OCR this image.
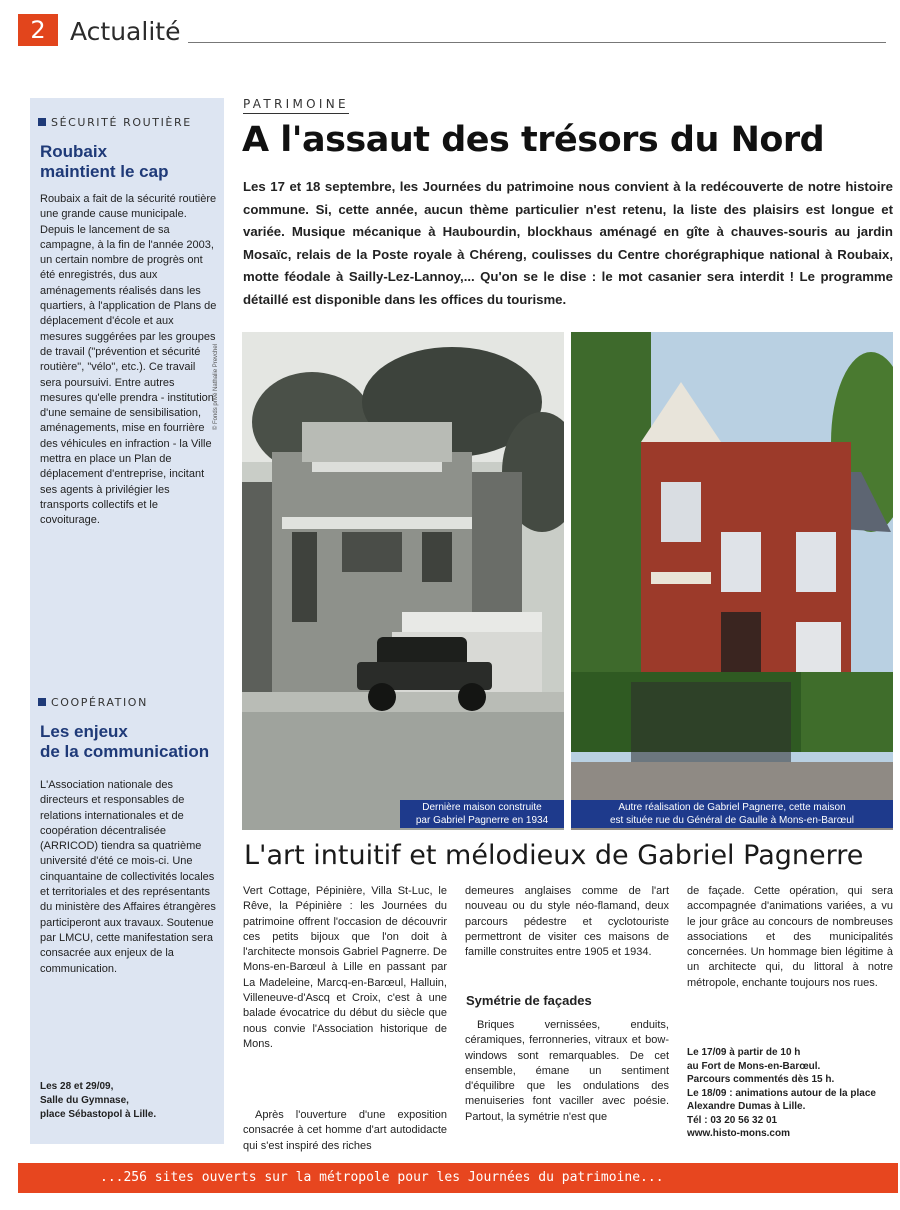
2 Actualité
SÉCURITÉ ROUTIÈRE
Roubaix
maintient le cap
Roubaix a fait de la sécurité routière une grande cause municipale. Depuis le lancement de sa campagne, à la fin de l'année 2003, un certain nombre de progrès ont été enregistrés, dus aux aménagements réalisés dans les quartiers, à l'application de Plans de déplacement d'école et aux mesures suggérées par les groupes de travail ("prévention et sécurité routière", "vélo", etc.). Ce travail sera poursuivi. Entre autres mesures qu'elle prendra - institution d'une semaine de sensibilisation, aménagements, mise en fourrière des véhicules en infraction - la Ville mettra en place un Plan de déplacement d'entreprise, incitant ses agents à privilégier les transports collectifs et le covoiturage.
COOPÉRATION
Les enjeux
de la communication
L'Association nationale des directeurs et responsables de relations internationales et de coopération décentralisée (ARRICOD) tiendra sa quatrième université d'été ce mois-ci. Une cinquantaine de collectivités locales et territoriales et des représentants du ministère des Affaires étrangères participeront aux travaux. Soutenue par LMCU, cette manifestation sera consacrée aux enjeux de la communication.
Les 28 et 29/09,
Salle du Gymnase,
place Sébastopol à Lille.
PATRIMOINE
A l'assaut des trésors du Nord
Les 17 et 18 septembre, les Journées du patrimoine nous convient à la redécouverte de notre histoire commune. Si, cette année, aucun thème particulier n'est retenu, la liste des plaisirs est longue et variée. Musique mécanique à Haubourdin, blockhaus aménagé en gîte à chauves-souris au jardin Mosaïc, relais de la Poste royale à Chéreng, coulisses du Centre chorégraphique national à Roubaix, motte féodale à Sailly-Lez-Lannoy,... Qu'on se le dise : le mot casanier sera interdit ! Le programme détaillé est disponible dans les offices du tourisme.
© Fonds privé Nathalie Prevchel
Dernière maison construite
par Gabriel Pagnerre en 1934
Autre réalisation de Gabriel Pagnerre, cette maison
est située rue du Général de Gaulle à Mons-en-Barœul
L'art intuitif et mélodieux de Gabriel Pagnerre
Vert Cottage, Pépinière, Villa St-Luc, le Rêve, la Pépinière : les Journées du patrimoine offrent l'occasion de découvrir ces petits bijoux que l'on doit à l'architecte monsois Gabriel Pagnerre. De Mons-en-Barœul à Lille en passant par La Madeleine, Marcq-en-Barœul, Halluin, Villeneuve-d'Ascq et Croix, c'est à une balade évocatrice du début du siècle que nous convie l'Association historique de Mons.
Après l'ouverture d'une exposition consacrée à cet homme d'art autodidacte qui s'est inspiré des riches
demeures anglaises comme de l'art nouveau ou du style néo-flamand, deux parcours pédestre et cyclotouriste permettront de visiter ces maisons de famille construites entre 1905 et 1934.
Symétrie de façades
Briques vernissées, enduits, céramiques, ferronneries, vitraux et bow-windows sont remarquables. De cet ensemble, émane un sentiment d'équilibre que les ondulations des menuiseries font vaciller avec poésie. Partout, la symétrie n'est que
de façade. Cette opération, qui sera accompagnée d'animations variées, a vu le jour grâce au concours de nombreuses associations et des municipalités concernées. Un hommage bien légitime à un architecte qui, du littoral à notre métropole, enchante toujours nos rues.
Le 17/09 à partir de 10 h
au Fort de Mons-en-Barœul.
Parcours commentés dès 15 h.
Le 18/09 : animations autour de la place
Alexandre Dumas à Lille.
Tél : 03 20 56 32 01
www.histo-mons.com
...256 sites ouverts sur la métropole pour les Journées du patrimoine...
